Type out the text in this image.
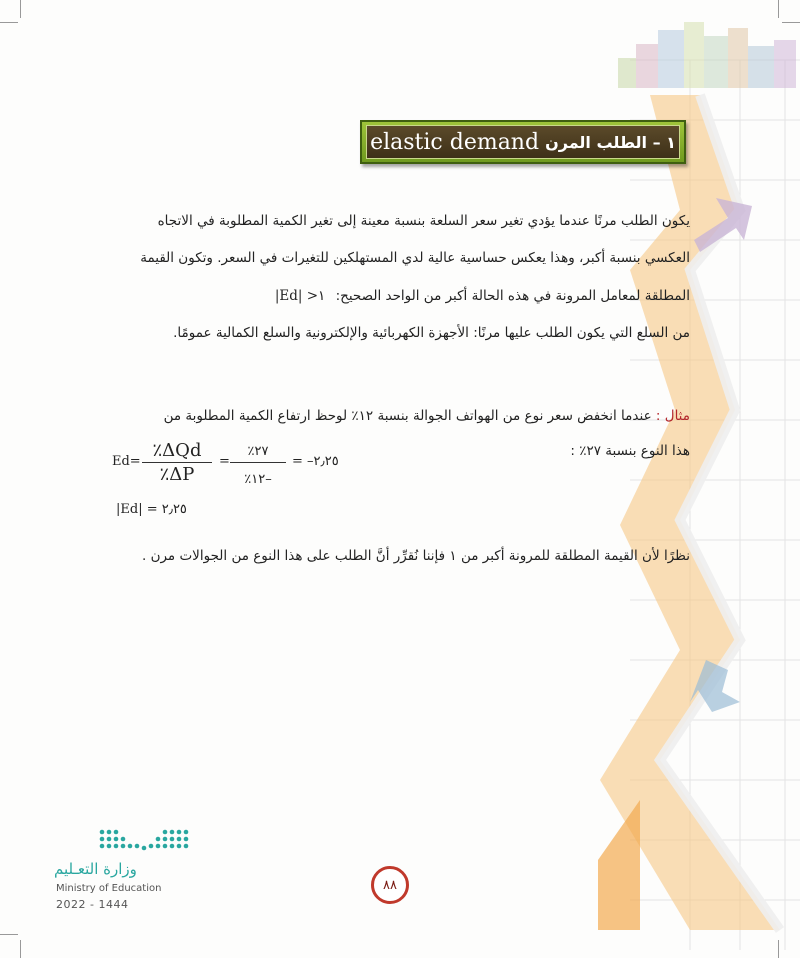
١ – الطلب المرن
elastic demand
يكون الطلب مرنًا عندما يؤدي تغير سعر السلعة بنسبة معينة إلى تغير الكمية المطلوبة في الاتجاه
العكسي بنسبة أكبر، وهذا يعكس حساسية عالية لدي المستهلكين للتغيرات في السعر. وتكون القيمة
المطلقة لمعامل المرونة في هذه الحالة أكبر من الواحد الصحيح: |Ed| >١
من السلع التي يكون الطلب عليها مرنًا: الأجهزة الكهربائية والإلكترونية والسلع الكمالية عمومًا.
مثال : عندما انخفض سعر نوع من الهواتف الجوالة بنسبة ١٢٪ لوحظ ارتفاع الكمية المطلوبة من
هذا النوع بنسبة ٢٧٪ :
Ed=
٪ΔQd
٪ΔP
=
٪٢٧
٪١٢–
= –٢٫٢٥
|Ed| = ٢٫٢٥
نظرًا لأن القيمة المطلقة للمرونة أكبر من ١ فإننا نُقرِّر أنَّ الطلب على هذا النوع من الجوالات مرن .
وزارة التعـليم
Ministry of Education
2022 - 1444
٨٨
